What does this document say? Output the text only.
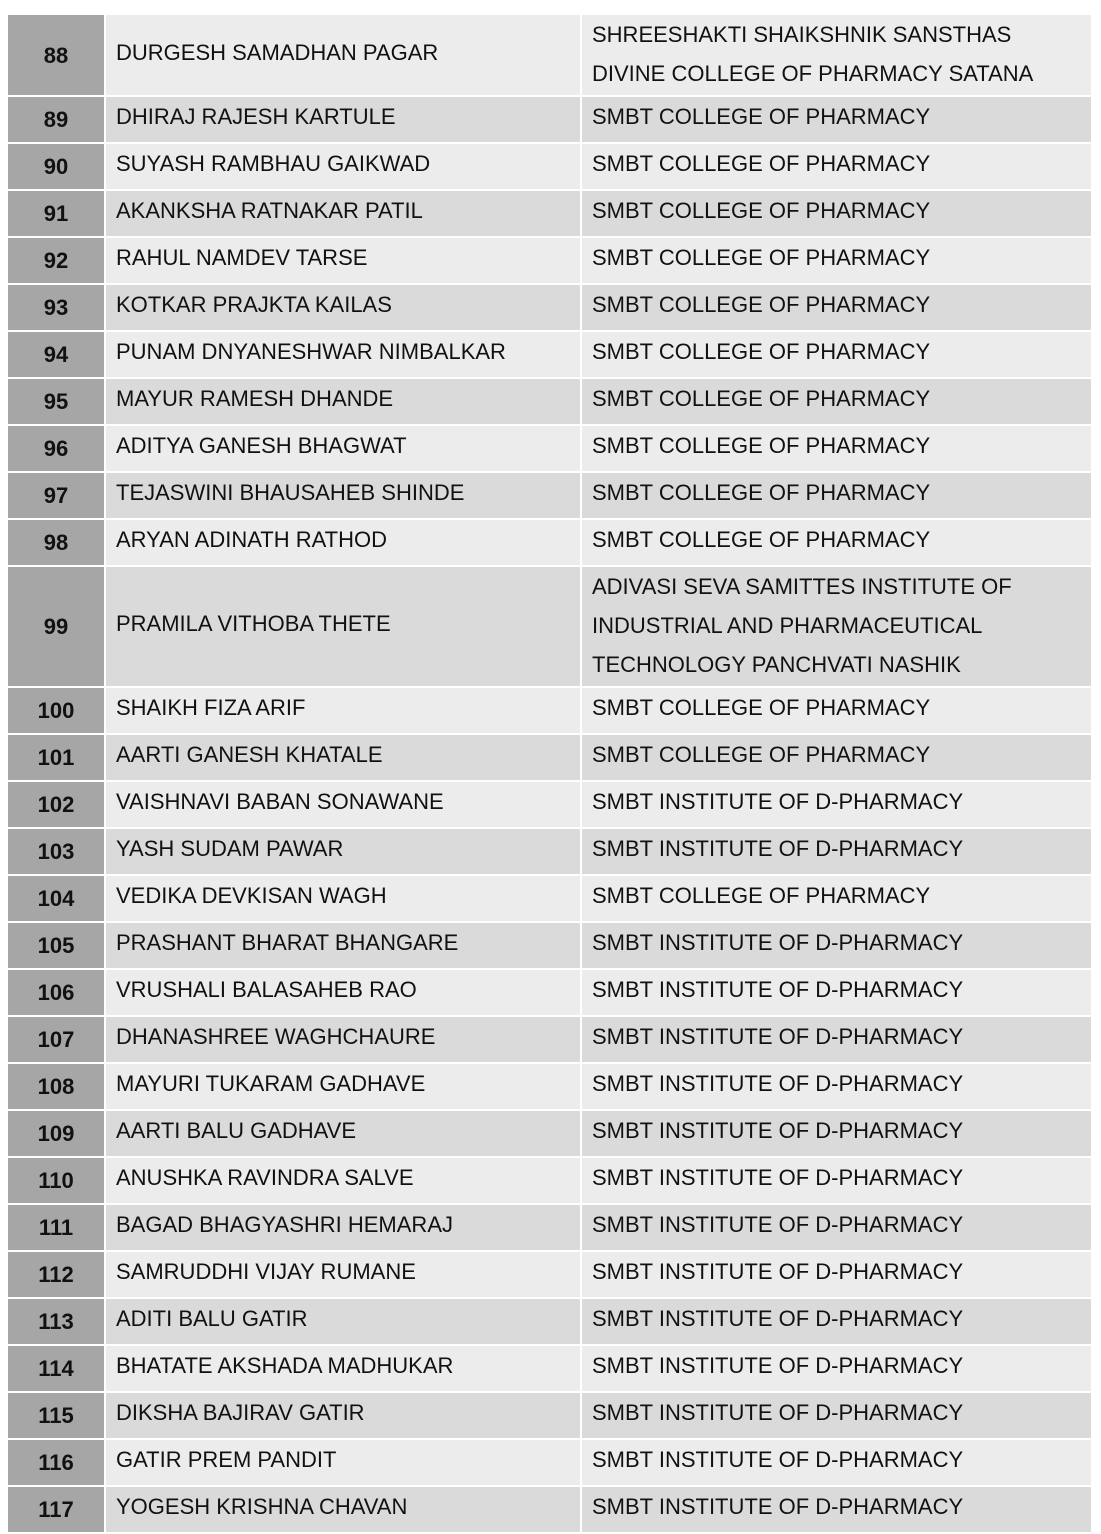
88	DURGESH SAMADHAN PAGAR	SHREESHAKTI SHAIKSHNIK SANSTHAS DIVINE COLLEGE OF PHARMACY SATANA
89	DHIRAJ RAJESH KARTULE	SMBT COLLEGE OF PHARMACY
90	SUYASH RAMBHAU GAIKWAD	SMBT COLLEGE OF PHARMACY
91	AKANKSHA RATNAKAR PATIL	SMBT COLLEGE OF PHARMACY
92	RAHUL NAMDEV TARSE	SMBT COLLEGE OF PHARMACY
93	KOTKAR PRAJKTA KAILAS	SMBT COLLEGE OF PHARMACY
94	PUNAM DNYANESHWAR NIMBALKAR	SMBT COLLEGE OF PHARMACY
95	MAYUR RAMESH DHANDE	SMBT COLLEGE OF PHARMACY
96	ADITYA GANESH BHAGWAT	SMBT COLLEGE OF PHARMACY
97	TEJASWINI BHAUSAHEB SHINDE	SMBT COLLEGE OF PHARMACY
98	ARYAN ADINATH RATHOD	SMBT COLLEGE OF PHARMACY
99	PRAMILA VITHOBA THETE	ADIVASI SEVA SAMITTES INSTITUTE OF INDUSTRIAL AND PHARMACEUTICAL TECHNOLOGY PANCHVATI NASHIK
100	SHAIKH FIZA ARIF	SMBT COLLEGE OF PHARMACY
101	AARTI GANESH KHATALE	SMBT COLLEGE OF PHARMACY
102	VAISHNAVI BABAN SONAWANE	SMBT INSTITUTE OF D-PHARMACY
103	YASH SUDAM PAWAR	SMBT INSTITUTE OF D-PHARMACY
104	VEDIKA DEVKISAN WAGH	SMBT COLLEGE OF PHARMACY
105	PRASHANT BHARAT BHANGARE	SMBT INSTITUTE OF D-PHARMACY
106	VRUSHALI BALASAHEB RAO	SMBT INSTITUTE OF D-PHARMACY
107	DHANASHREE WAGHCHAURE	SMBT INSTITUTE OF D-PHARMACY
108	MAYURI TUKARAM GADHAVE	SMBT INSTITUTE OF D-PHARMACY
109	AARTI BALU GADHAVE	SMBT INSTITUTE OF D-PHARMACY
110	ANUSHKA RAVINDRA SALVE	SMBT INSTITUTE OF D-PHARMACY
111	BAGAD BHAGYASHRI HEMARAJ	SMBT INSTITUTE OF D-PHARMACY
112	SAMRUDDHI VIJAY RUMANE	SMBT INSTITUTE OF D-PHARMACY
113	ADITI BALU GATIR	SMBT INSTITUTE OF D-PHARMACY
114	BHATATE AKSHADA MADHUKAR	SMBT INSTITUTE OF D-PHARMACY
115	DIKSHA BAJIRAV GATIR	SMBT INSTITUTE OF D-PHARMACY
116	GATIR PREM PANDIT	SMBT INSTITUTE OF D-PHARMACY
117	YOGESH KRISHNA CHAVAN	SMBT INSTITUTE OF D-PHARMACY
